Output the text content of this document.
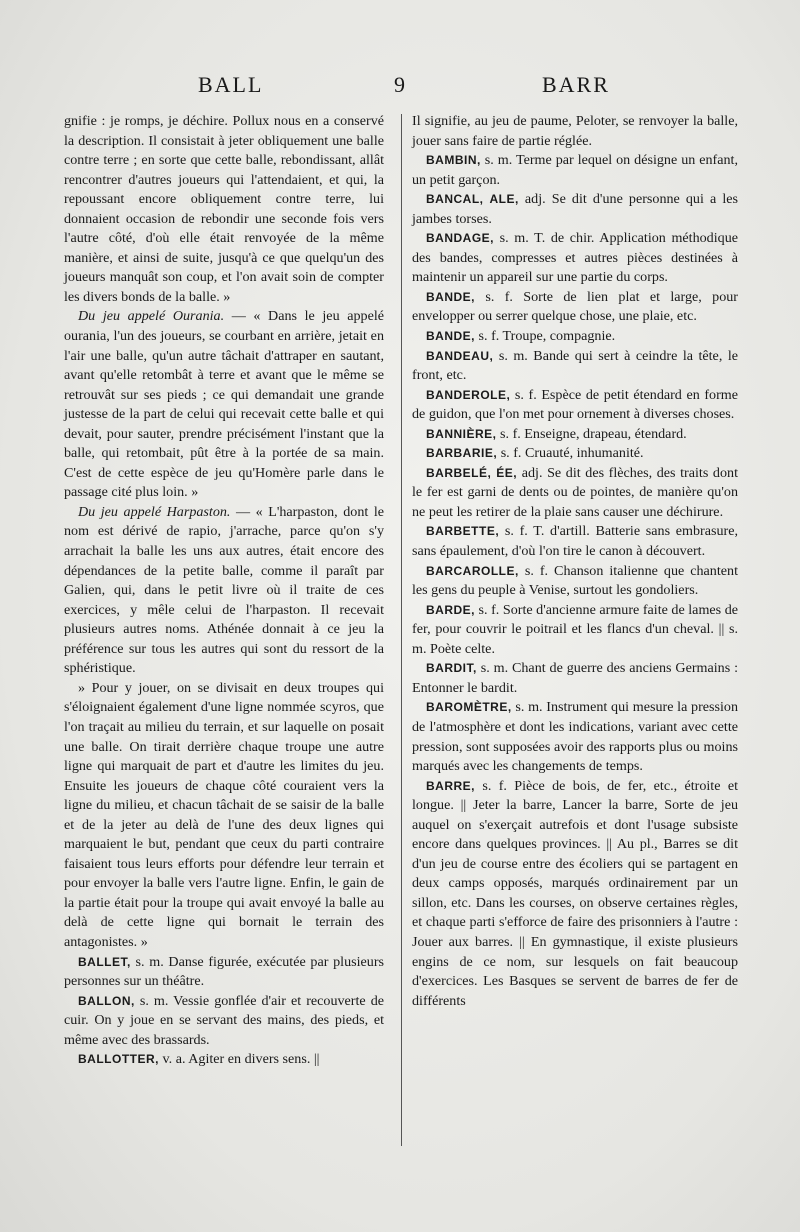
BALL	9	BARR

gnifie : je romps, je déchire. Pollux nous en a conservé la description. Il consistait à jeter obliquement une balle contre terre ; en sorte que cette balle, rebondissant, allât rencontrer d'autres joueurs qui l'attendaient, et qui, la repoussant encore obliquement contre terre, lui donnaient occasion de rebondir une seconde fois vers l'autre côté, d'où elle était renvoyée de la même manière, et ainsi de suite, jusqu'à ce que quelqu'un des joueurs manquât son coup, et l'on avait soin de compter les divers bonds de la balle. »

Du jeu appelé Ourania. — « Dans le jeu appelé ourania, l'un des joueurs, se courbant en arrière, jetait en l'air une balle, qu'un autre tâchait d'attraper en sautant, avant qu'elle retombât à terre et avant que le même se retrouvât sur ses pieds ; ce qui demandait une grande justesse de la part de celui qui recevait cette balle et qui devait, pour sauter, prendre précisément l'instant que la balle, qui retombait, pût être à la portée de sa main. C'est de cette espèce de jeu qu'Homère parle dans le passage cité plus loin. »

Du jeu appelé Harpaston. — « L'harpaston, dont le nom est dérivé de rapio, j'arrache, parce qu'on s'y arrachait la balle les uns aux autres, était encore des dépendances de la petite balle, comme il paraît par Galien, qui, dans le petit livre où il traite de ces exercices, y mêle celui de l'harpaston. Il recevait plusieurs autres noms. Athénée donnait à ce jeu la préférence sur tous les autres qui sont du ressort de la sphéristique.

» Pour y jouer, on se divisait en deux troupes qui s'éloignaient également d'une ligne nommée scyros, que l'on traçait au milieu du terrain, et sur laquelle on posait une balle. On tirait derrière chaque troupe une autre ligne qui marquait de part et d'autre les limites du jeu. Ensuite les joueurs de chaque côté couraient vers la ligne du milieu, et chacun tâchait de se saisir de la balle et de la jeter au delà de l'une des deux lignes qui marquaient le but, pendant que ceux du parti contraire faisaient tous leurs efforts pour défendre leur terrain et pour envoyer la balle vers l'autre ligne. Enfin, le gain de la partie était pour la troupe qui avait envoyé la balle au delà de cette ligne qui bornait le terrain des antagonistes. »

BALLET, s. m. Danse figurée, exécutée par plusieurs personnes sur un théâtre.

BALLON, s. m. Vessie gonflée d'air et recouverte de cuir. On y joue en se servant des mains, des pieds, et même avec des brassards.

BALLOTTER, v. a. Agiter en divers sens. ||

Il signifie, au jeu de paume, Peloter, se renvoyer la balle, jouer sans faire de partie réglée.

BAMBIN, s. m. Terme par lequel on désigne un enfant, un petit garçon.

BANCAL, ALE, adj. Se dit d'une personne qui a les jambes torses.

BANDAGE, s. m. T. de chir. Application méthodique des bandes, compresses et autres pièces destinées à maintenir un appareil sur une partie du corps.

BANDE, s. f. Sorte de lien plat et large, pour envelopper ou serrer quelque chose, une plaie, etc.

BANDE, s. f. Troupe, compagnie.

BANDEAU, s. m. Bande qui sert à ceindre la tête, le front, etc.

BANDEROLE, s. f. Espèce de petit étendard en forme de guidon, que l'on met pour ornement à diverses choses.

BANNIÈRE, s. f. Enseigne, drapeau, étendard.

BARBARIE, s. f. Cruauté, inhumanité.

BARBELÉ, ÉE, adj. Se dit des flèches, des traits dont le fer est garni de dents ou de pointes, de manière qu'on ne peut les retirer de la plaie sans causer une déchirure.

BARBETTE, s. f. T. d'artill. Batterie sans embrasure, sans épaulement, d'où l'on tire le canon à découvert.

BARCAROLLE, s. f. Chanson italienne que chantent les gens du peuple à Venise, surtout les gondoliers.

BARDE, s. f. Sorte d'ancienne armure faite de lames de fer, pour couvrir le poitrail et les flancs d'un cheval. || s. m. Poète celte.

BARDIT, s. m. Chant de guerre des anciens Germains : Entonner le bardit.

BAROMÈTRE, s. m. Instrument qui mesure la pression de l'atmosphère et dont les indications, variant avec cette pression, sont supposées avoir des rapports plus ou moins marqués avec les changements de temps.

BARRE, s. f. Pièce de bois, de fer, etc., étroite et longue. || Jeter la barre, Lancer la barre, Sorte de jeu auquel on s'exerçait autrefois et dont l'usage subsiste encore dans quelques provinces. || Au pl., Barres se dit d'un jeu de course entre des écoliers qui se partagent en deux camps opposés, marqués ordinairement par un sillon, etc. Dans les courses, on observe certaines règles, et chaque parti s'efforce de faire des prisonniers à l'autre : Jouer aux barres. || En gymnastique, il existe plusieurs engins de ce nom, sur lesquels on fait beaucoup d'exercices. Les Basques se servent de barres de fer de différents
